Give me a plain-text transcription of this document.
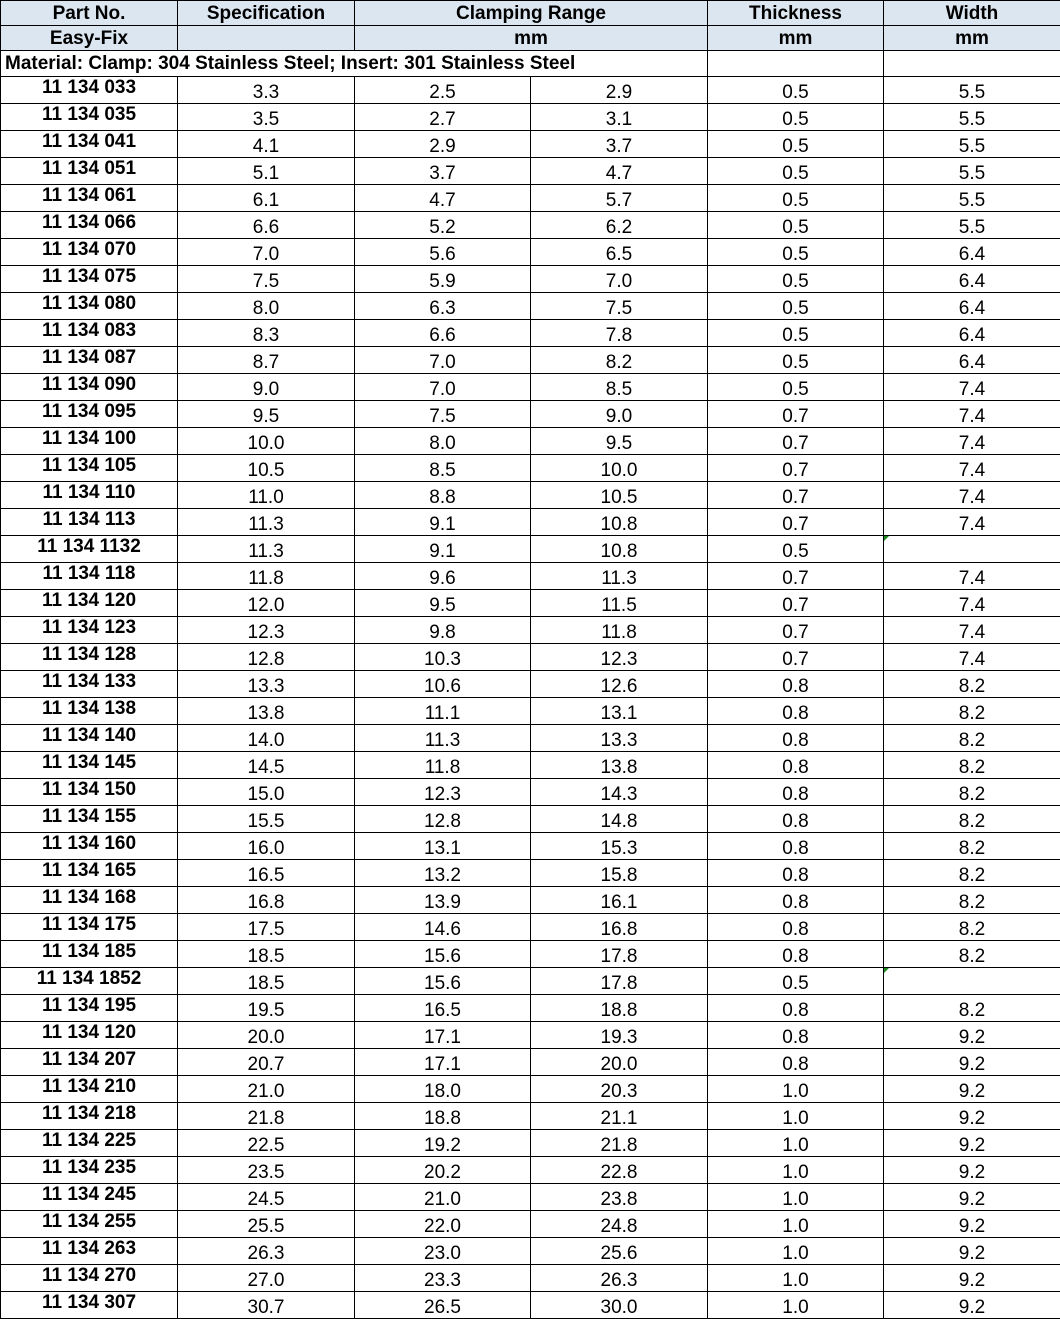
Part No.	Specification	Clamping Range		Thickness	Width
Easy-Fix		mm		mm	mm
Material: Clamp: 304 Stainless Steel; Insert: 301 Stainless Steel					
11 134 033	3.3	2.5	2.9	0.5	5.5
11 134 035	3.5	2.7	3.1	0.5	5.5
11 134 041	4.1	2.9	3.7	0.5	5.5
11 134 051	5.1	3.7	4.7	0.5	5.5
11 134 061	6.1	4.7	5.7	0.5	5.5
11 134 066	6.6	5.2	6.2	0.5	5.5
11 134 070	7.0	5.6	6.5	0.5	6.4
11 134 075	7.5	5.9	7.0	0.5	6.4
11 134 080	8.0	6.3	7.5	0.5	6.4
11 134 083	8.3	6.6	7.8	0.5	6.4
11 134 087	8.7	7.0	8.2	0.5	6.4
11 134 090	9.0	7.0	8.5	0.5	7.4
11 134 095	9.5	7.5	9.0	0.7	7.4
11 134 100	10.0	8.0	9.5	0.7	7.4
11 134 105	10.5	8.5	10.0	0.7	7.4
11 134 110	11.0	8.8	10.5	0.7	7.4
11 134 113	11.3	9.1	10.8	0.7	7.4
11 134 1132	11.3	9.1	10.8	0.5	

11 134 118	11.8	9.6	11.3	0.7	7.4
11 134 120	12.0	9.5	11.5	0.7	7.4
11 134 123	12.3	9.8	11.8	0.7	7.4
11 134 128	12.8	10.3	12.3	0.7	7.4
11 134 133	13.3	10.6	12.6	0.8	8.2
11 134 138	13.8	11.1	13.1	0.8	8.2
11 134 140	14.0	11.3	13.3	0.8	8.2
11 134 145	14.5	11.8	13.8	0.8	8.2
11 134 150	15.0	12.3	14.3	0.8	8.2
11 134 155	15.5	12.8	14.8	0.8	8.2
11 134 160	16.0	13.1	15.3	0.8	8.2
11 134 165	16.5	13.2	15.8	0.8	8.2
11 134 168	16.8	13.9	16.1	0.8	8.2
11 134 175	17.5	14.6	16.8	0.8	8.2
11 134 185	18.5	15.6	17.8	0.8	8.2
11 134 1852	18.5	15.6	17.8	0.5	

11 134 195	19.5	16.5	18.8	0.8	8.2
11 134 120	20.0	17.1	19.3	0.8	9.2
11 134 207	20.7	17.1	20.0	0.8	9.2
11 134 210	21.0	18.0	20.3	1.0	9.2
11 134 218	21.8	18.8	21.1	1.0	9.2
11 134 225	22.5	19.2	21.8	1.0	9.2
11 134 235	23.5	20.2	22.8	1.0	9.2
11 134 245	24.5	21.0	23.8	1.0	9.2
11 134 255	25.5	22.0	24.8	1.0	9.2
11 134 263	26.3	23.0	25.6	1.0	9.2
11 134 270	27.0	23.3	26.3	1.0	9.2
11 134 307	30.7	26.5	30.0	1.0	9.2
